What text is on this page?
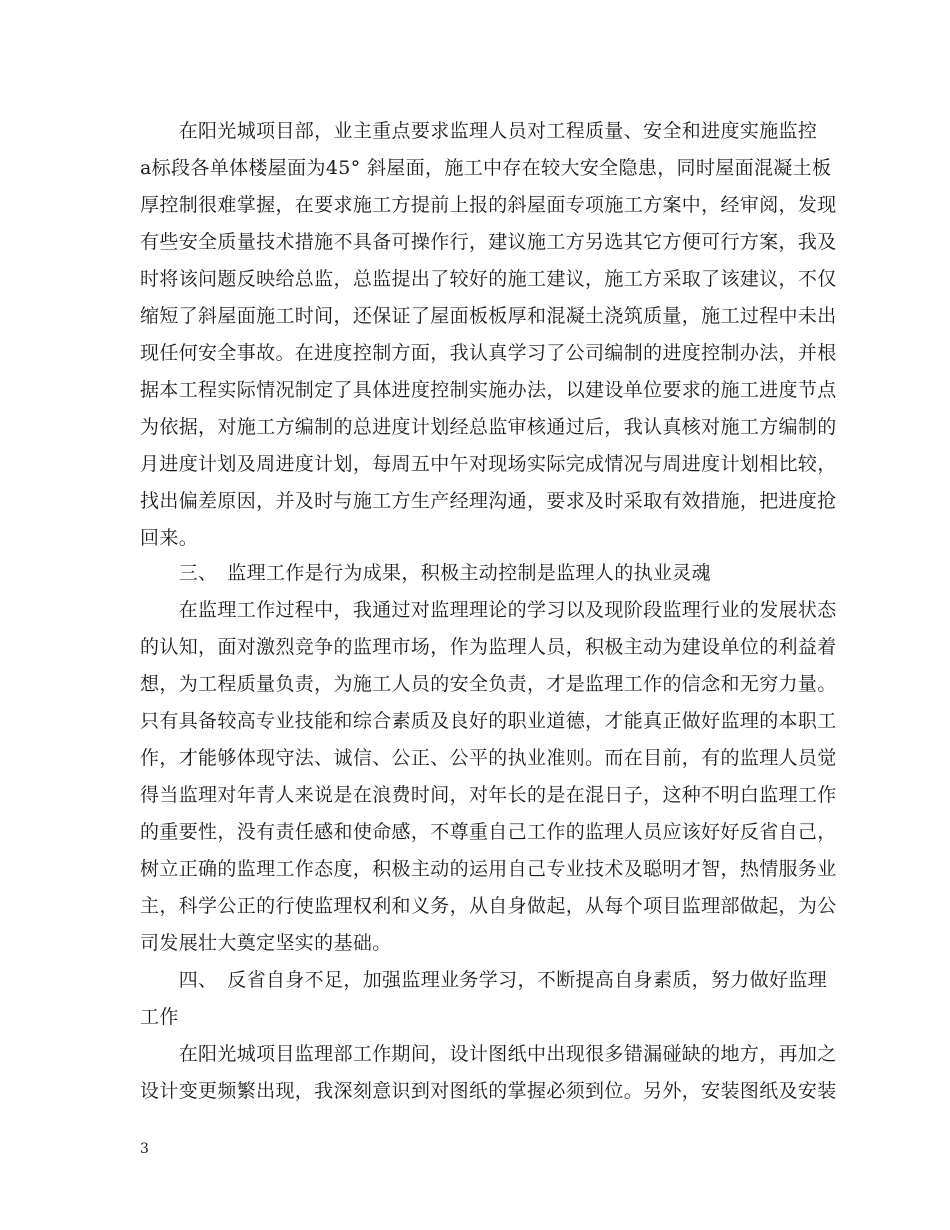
　　在阳光城项目部，业主重点要求监理人员对工程质量、安全和进度实施监控
a标段各单体楼屋面为45° 斜屋面，施工中存在较大安全隐患，同时屋面混凝土板
厚控制很难掌握，在要求施工方提前上报的斜屋面专项施工方案中，经审阅，发现
有些安全质量技术措施不具备可操作行，建议施工方另选其它方便可行方案，我及
时将该问题反映给总监，总监提出了较好的施工建议，施工方采取了该建议，不仅
缩短了斜屋面施工时间，还保证了屋面板板厚和混凝土浇筑质量，施工过程中未出
现任何安全事故。在进度控制方面，我认真学习了公司编制的进度控制办法，并根
据本工程实际情况制定了具体进度控制实施办法，以建设单位要求的施工进度节点
为依据，对施工方编制的总进度计划经总监审核通过后，我认真核对施工方编制的
月进度计划及周进度计划，每周五中午对现场实际完成情况与周进度计划相比较，
找出偏差原因，并及时与施工方生产经理沟通，要求及时采取有效措施，把进度抢
回来。
　　三、　监理工作是行为成果，积极主动控制是监理人的执业灵魂
　　在监理工作过程中，我通过对监理理论的学习以及现阶段监理行业的发展状态
的认知，面对激烈竞争的监理市场，作为监理人员，积极主动为建设单位的利益着
想，为工程质量负责，为施工人员的安全负责，才是监理工作的信念和无穷力量。
只有具备较高专业技能和综合素质及良好的职业道德，才能真正做好监理的本职工
作，才能够体现守法、诚信、公正、公平的执业准则。而在目前，有的监理人员觉
得当监理对年青人来说是在浪费时间，对年长的是在混日子，这种不明白监理工作
的重要性，没有责任感和使命感，不尊重自己工作的监理人员应该好好反省自己，
树立正确的监理工作态度，积极主动的运用自己专业技术及聪明才智，热情服务业
主，科学公正的行使监理权利和义务，从自身做起，从每个项目监理部做起，为公
司发展壮大奠定坚实的基础。
　　四、　反省自身不足，加强监理业务学习，不断提高自身素质，努力做好监理
工作
　　在阳光城项目监理部工作期间，设计图纸中出现很多错漏碰缺的地方，再加之
设计变更频繁出现，我深刻意识到对图纸的掌握必须到位。另外，安装图纸及安装
3
